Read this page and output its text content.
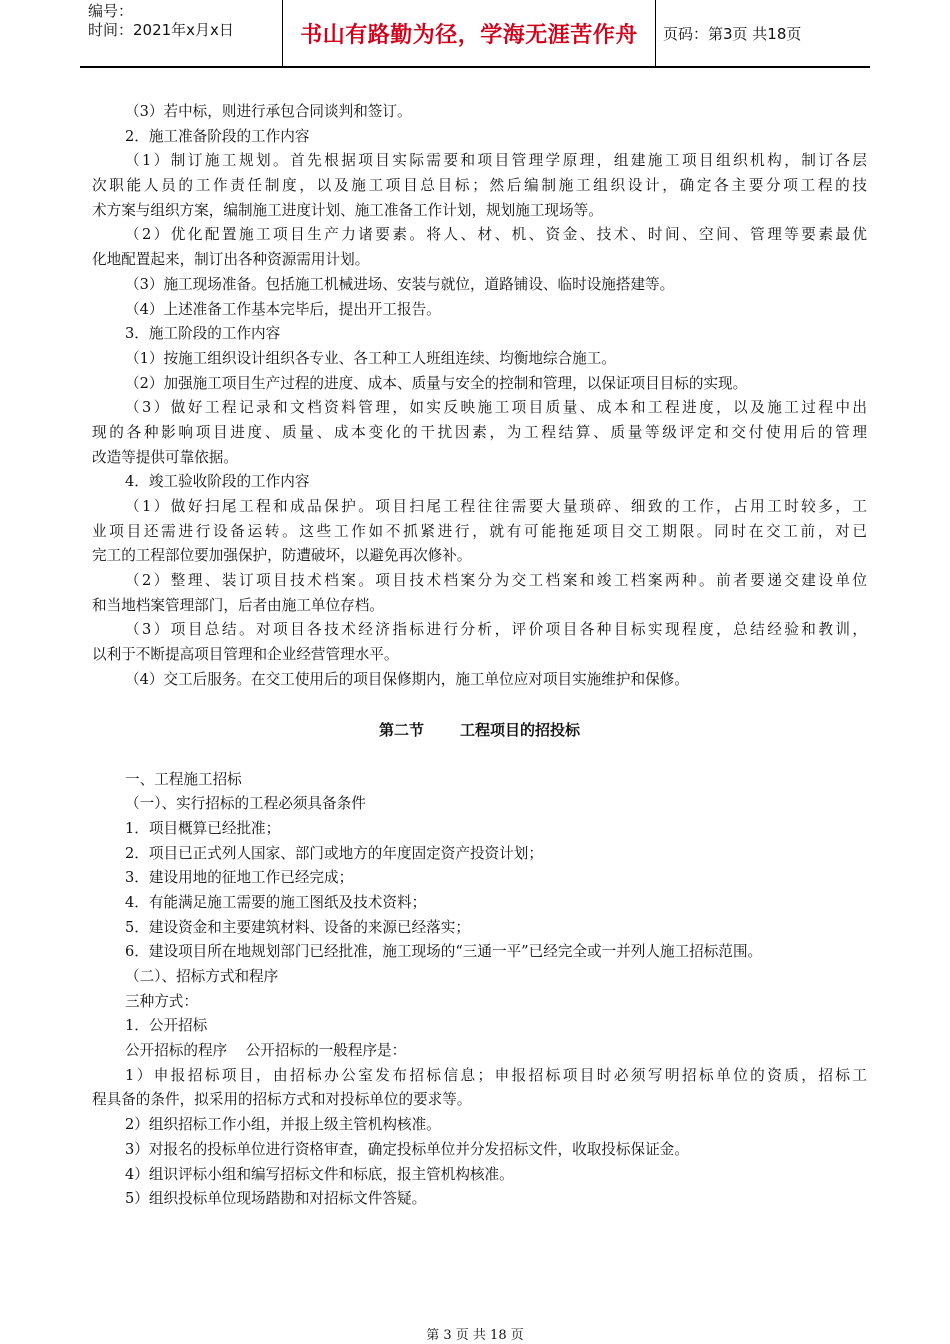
编号：
时间：2021年x月x日	书山有路勤为径，学海无涯苦作舟	页码：第3页 共18页
（3）若中标，则进行承包合同谈判和签订。
2．施工准备阶段的工作内容
（1）制订施工规划。首先根据项目实际需要和项目管理学原理，组建施工项目组织机构，制订各层
次职能人员的工作责任制度，以及施工项目总目标；然后编制施工组织设计，确定各主要分项工程的技
术方案与组织方案，编制施工进度计划、施工准备工作计划，规划施工现场等。
（2）优化配置施工项目生产力诸要素。将人、材、机、资金、技术、时间、空间、管理等要素最优
化地配置起来，制订出各种资源需用计划。
（3）施工现场准备。包括施工机械进场、安装与就位，道路铺设、临时设施搭建等。
（4）上述准备工作基本完毕后，提出开工报告。
3．施工阶段的工作内容
（1）按施工组织设计组织各专业、各工种工人班组连续、均衡地综合施工。
（2）加强施工项目生产过程的进度、成本、质量与安全的控制和管理，以保证项目目标的实现。
（3）做好工程记录和文档资料管理，如实反映施工项目质量、成本和工程进度，以及施工过程中出
现的各种影响项目进度、质量、成本变化的干扰因素，为工程结算、质量等级评定和交付使用后的管理
改造等提供可靠依据。
4．竣工验收阶段的工作内容
（1）做好扫尾工程和成品保护。项目扫尾工程往往需要大量琐碎、细致的工作，占用工时较多，工
业项目还需进行设备运转。这些工作如不抓紧进行，就有可能拖延项目交工期限。同时在交工前，对已
完工的工程部位要加强保护，防遭破坏，以避免再次修补。
（2）整理、装订项目技术档案。项目技术档案分为交工档案和竣工档案两种。前者要递交建设单位
和当地档案管理部门，后者由施工单位存档。
（3）项目总结。对项目各技术经济指标进行分析，评价项目各种目标实现程度，总结经验和教训，
以利于不断提高项目管理和企业经营管理水平。
（4）交工后服务。在交工使用后的项目保修期内，施工单位应对项目实施维护和保修。
第二节 工程项目的招投标
一、工程施工招标
（一）、实行招标的工程必须具备条件
1．项目概算已经批准；
2．项目已正式列人国家、部门或地方的年度固定资产投资计划；
3．建设用地的征地工作已经完成；
4．有能满足施工需要的施工图纸及技术资料；
5．建设资金和主要建筑材料、设备的来源已经落实；
6．建设项目所在地规划部门已经批准，施工现场的“三通一平”已经完全或一并列人施工招标范围。
（二）、招标方式和程序
三种方式：
1．公开招标
公开招标的程序    公开招标的一般程序是：
1）申报招标项目，由招标办公室发布招标信息；申报招标项目时必须写明招标单位的资质，招标工
程具备的条件，拟采用的招标方式和对投标单位的要求等。
2）组织招标工作小组，并报上级主管机构核准。
3）对报名的投标单位进行资格审查，确定投标单位并分发招标文件，收取投标保证金。
4）组识评标小组和编写招标文件和标底，报主管机构核准。
5）组织投标单位现场踏勘和对招标文件答疑。
第 3 页 共 18 页
